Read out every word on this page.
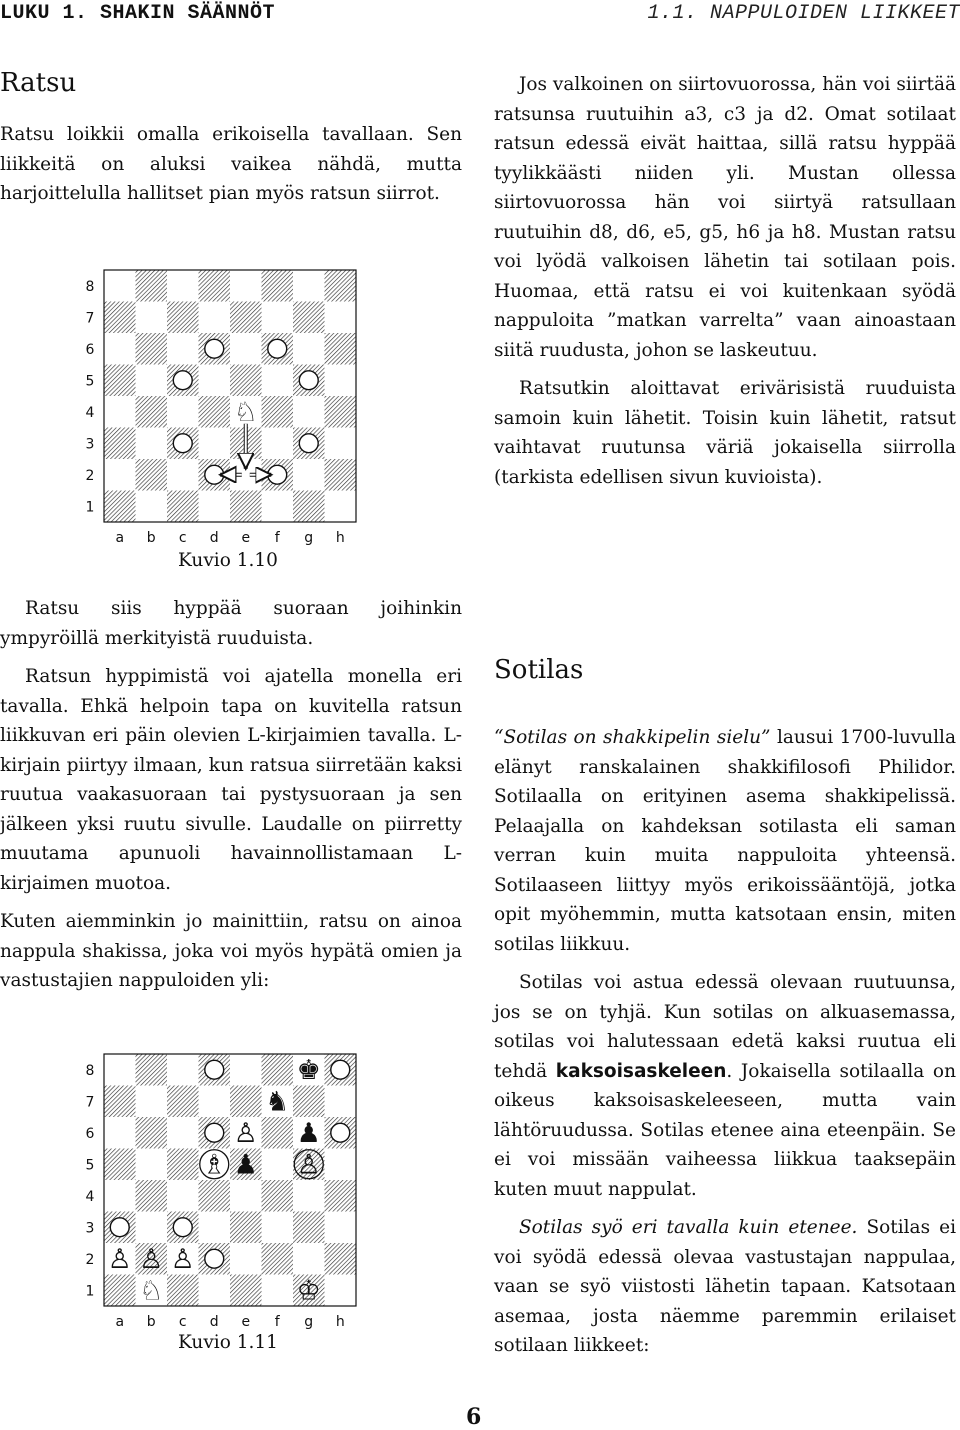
LUKU 1. SHAKIN SÄÄNNÖT	1.1. NAPPULOIDEN LIIKKEET
Ratsu

Ratsu loikkii omalla erikoisella tavallaan. Sen liikkeitä on aluksi vaikea nähdä, mutta harjoittelulla hallitset pian myös ratsun siirrot.

8
7
6
5
4
3
2
1
a b c d e f g h
♘
Kuvio 1.10

Ratsu siis hyppää suoraan joihinkin ympyröillä merkityistä ruuduista.

Ratsun hyppimistä voi ajatella monella eri tavalla. Ehkä helpoin tapa on kuvitella ratsun liikkuvan eri päin olevien L-kirjaimien tavalla. L-kirjain piirtyy ilmaan, kun ratsua siirretään kaksi ruutua vaakasuoraan tai pystysuoraan ja sen jälkeen yksi ruutu sivulle. Laudalle on piirretty muutama apunuoli havainnollistamaan L-kirjaimen muotoa.

Kuten aiemminkin jo mainittiin, ratsu on ainoa nappula shakissa, joka voi myös hypätä omien ja vastustajien nappuloiden yli:

8
7
6
5
4
3
2
1
a b c d e f g h
♚
♞
♙ ♟
♗ ♟ ♙
♙ ♙ ♙
♘	♔
Kuvio 1.11

Jos valkoinen on siirtovuorossa, hän voi siirtää ratsunsa ruutuihin a3, c3 ja d2. Omat sotilaat ratsun edessä eivät haittaa, sillä ratsu hyppää tyylikkäästi niiden yli. Mustan ollessa siirtovuorossa hän voi siirtyä ratsullaan ruutuihin d8, d6, e5, g5, h6 ja h8. Mustan ratsu voi lyödä valkoisen lähetin tai sotilaan pois. Huomaa, että ratsu ei voi kuitenkaan syödä nappuloita ”matkan varrelta” vaan ainoastaan siitä ruudusta, johon se laskeutuu.

Ratsutkin aloittavat erivärisistä ruuduista samoin kuin lähetit. Toisin kuin lähetit, ratsut vaihtavat ruutunsa väriä jokaisella siirrolla (tarkista edellisen sivun kuvioista).

Sotilas

“Sotilas on shakkipelin sielu” lausui 1700-luvulla elänyt ranskalainen shakkifilosofi Philidor. Sotilaalla on erityinen asema shakkipelissä. Pelaajalla on kahdeksan sotilasta eli saman verran kuin muita nappuloita yhteensä. Sotilaaseen liittyy myös erikoissääntöjä, jotka opit myöhemmin, mutta katsotaan ensin, miten sotilas liikkuu.

Sotilas voi astua edessä olevaan ruutuunsa, jos se on tyhjä. Kun sotilas on alkuasemassa, sotilas voi halutessaan edetä kaksi ruutua eli tehdä kaksoisaskeleen. Jokaisella sotilaalla on oikeus kaksoisaskeleeseen, mutta vain lähtöruudussa. Sotilas etenee aina eteenpäin. Se ei voi missään vaiheessa liikkua taaksepäin kuten muut nappulat.

Sotilas syö eri tavalla kuin etenee. Sotilas ei voi syödä edessä olevaa vastustajan nappulaa, vaan se syö viistosti lähetin tapaan. Katsotaan asemaa, josta näemme paremmin erilaiset sotilaan liikkeet:

6
